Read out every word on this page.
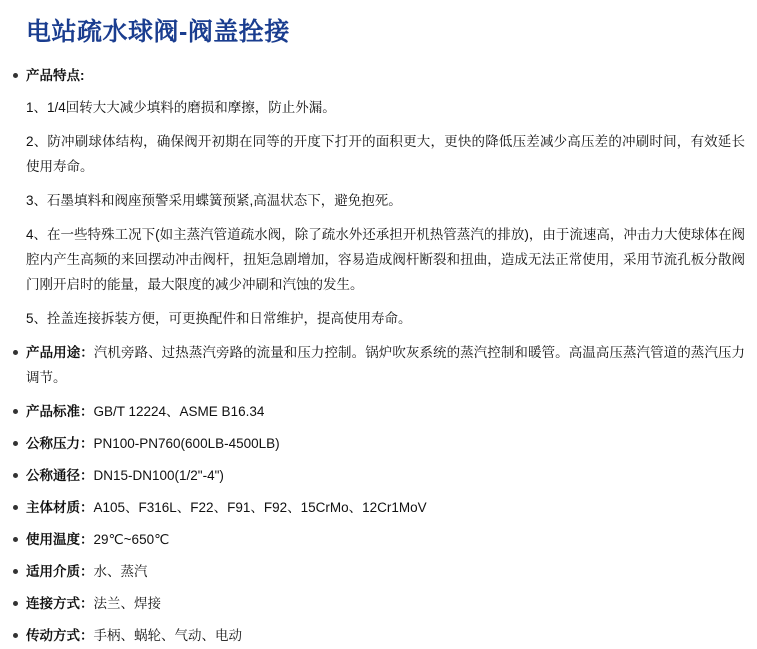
电站疏水球阀-阀盖拴接
产品特点:

1、1/4回转大大减少填料的磨损和摩擦，防止外漏。

2、防冲刷球体结构，确保阀开初期在同等的开度下打开的面积更大，更快的降低压差减少高压差的冲刷时间，有效延长使用寿命。

3、石墨填料和阀座预警采用蝶簧预紧,高温状态下，避免抱死。

4、在一些特殊工况下(如主蒸汽管道疏水阀，除了疏水外还承担开机热管蒸汽的排放)，由于流速高，冲击力大使球体在阀腔内产生高频的来回摆动冲击阀杆，扭矩急剧增加，容易造成阀杆断裂和扭曲，造成无法正常使用，采用节流孔板分散阀门刚开启时的能量，最大限度的减少冲刷和汽蚀的发生。

5、拴盖连接拆装方便，可更换配件和日常维护，提高使用寿命。

产品用途：汽机旁路、过热蒸汽旁路的流量和压力控制。锅炉吹灰系统的蒸汽控制和暖管。高温高压蒸汽管道的蒸汽压力调节。
产品标准：GB/T 12224、ASME B16.34
公称压力：PN100-PN760(600LB-4500LB)
公称通径：DN15-DN100(1/2"-4")
主体材质：A105、F316L、F22、F91、F92、15CrMo、12Cr1MoV
使用温度：29℃~650℃
适用介质：水、蒸汽
连接方式：法兰、焊接
传动方式：手柄、蜗轮、气动、电动
